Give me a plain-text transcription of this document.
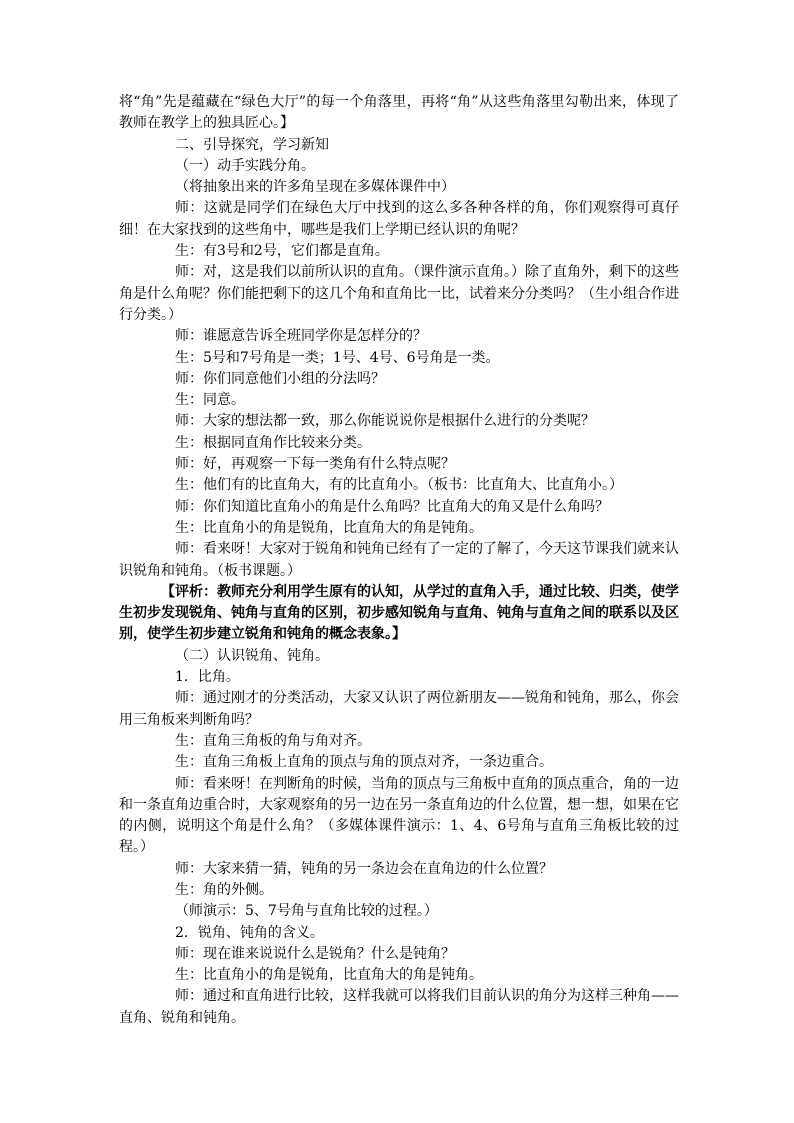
将“角”先是蕴藏在“绿色大厅”的每一个角落里，再将“角”从这些角落里勾勒出来，体现了教师在教学上的独具匠心。】

二、引导探究，学习新知

（一）动手实践分角。

（将抽象出来的许多角呈现在多媒体课件中）

师：这就是同学们在绿色大厅中找到的这么多各种各样的角，你们观察得可真仔细！在大家找到的这些角中，哪些是我们上学期已经认识的角呢？

生：有3号和2号，它们都是直角。

师：对，这是我们以前所认识的直角。（课件演示直角。）除了直角外，剩下的这些角是什么角呢？你们能把剩下的这几个角和直角比一比，试着来分分类吗？（生小组合作进行分类。）

师：谁愿意告诉全班同学你是怎样分的？

生：5号和7号角是一类；1号、4号、6号角是一类。

师：你们同意他们小组的分法吗？

生：同意。

师：大家的想法都一致，那么你能说说你是根据什么进行的分类呢？

生：根据同直角作比较来分类。

师：好，再观察一下每一类角有什么特点呢？

生：他们有的比直角大，有的比直角小。（板书：比直角大、比直角小。）

师：你们知道比直角小的角是什么角吗？比直角大的角又是什么角吗？

生：比直角小的角是锐角，比直角大的角是钝角。

师：看来呀！大家对于锐角和钝角已经有了一定的了解了，今天这节课我们就来认识锐角和钝角。（板书课题。）

【评析：教师充分利用学生原有的认知，从学过的直角入手，通过比较、归类，使学生初步发现锐角、钝角与直角的区别，初步感知锐角与直角、钝角与直角之间的联系以及区别，使学生初步建立锐角和钝角的概念表象。】

（二）认识锐角、钝角。

1．比角。

师：通过刚才的分类活动，大家又认识了两位新朋友——锐角和钝角，那么，你会用三角板来判断角吗？

生：直角三角板的角与角对齐。

生：直角三角板上直角的顶点与角的顶点对齐，一条边重合。

师：看来呀！在判断角的时候，当角的顶点与三角板中直角的顶点重合，角的一边和一条直角边重合时，大家观察角的另一边在另一条直角边的什么位置，想一想，如果在它的内侧，说明这个角是什么角？（多媒体课件演示：1、4、6号角与直角三角板比较的过程。）

师：大家来猜一猜，钝角的另一条边会在直角边的什么位置？

生：角的外侧。

（师演示：5、7号角与直角比较的过程。）

2．锐角、钝角的含义。

师：现在谁来说说什么是锐角？什么是钝角？

生：比直角小的角是锐角，比直角大的角是钝角。

师：通过和直角进行比较，这样我就可以将我们目前认识的角分为这样三种角——直角、锐角和钝角。
